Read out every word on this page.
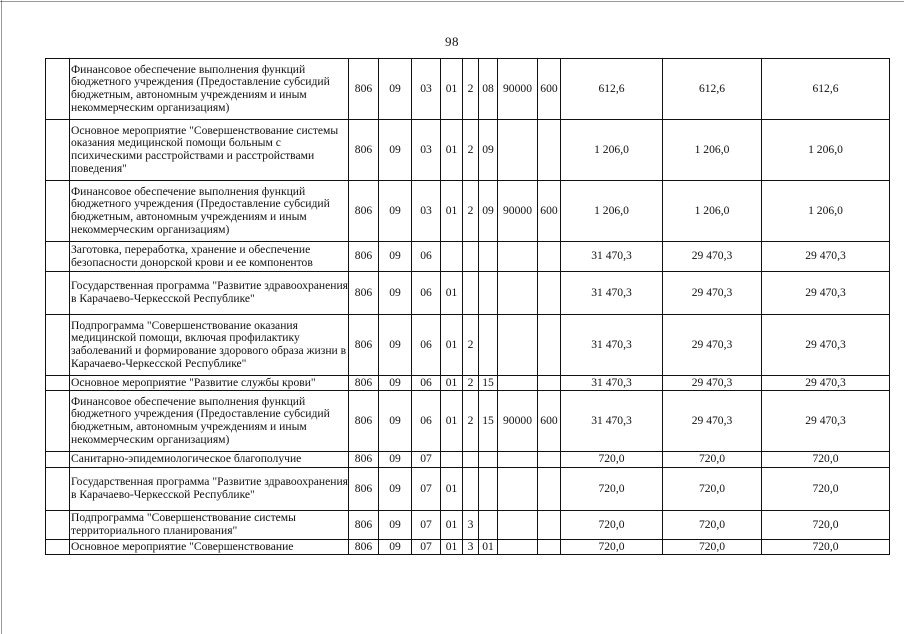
98
	Финансовое обеспечение выполнения функций бюджетного учреждения (Предоставление субсидий бюджетным, автономным учреждениям и иным некоммерческим организациям)	806	09	03	01	2	08	90000	600	612,6	612,6	612,6
	Основное мероприятие "Совершенствование системы оказания медицинской помощи больным с психическими расстройствами и расстройствами поведения"	806	09	03	01	2	09			1 206,0	1 206,0	1 206,0
	Финансовое обеспечение выполнения функций бюджетного учреждения (Предоставление субсидий бюджетным, автономным учреждениям и иным некоммерческим организациям)	806	09	03	01	2	09	90000	600	1 206,0	1 206,0	1 206,0
	Заготовка, переработка, хранение и обеспечение безопасности донорской крови и ее компонентов	806	09	06						31 470,3	29 470,3	29 470,3
	Государственная программа "Развитие здравоохранения в Карачаево-Черкесской Республике"	806	09	06	01					31 470,3	29 470,3	29 470,3
	Подпрограмма "Совершенствование оказания медицинской помощи, включая профилактику заболеваний и формирование здорового образа жизни в Карачаево-Черкесской Республике"	806	09	06	01	2				31 470,3	29 470,3	29 470,3
	Основное мероприятие "Развитие службы крови"	806	09	06	01	2	15			31 470,3	29 470,3	29 470,3
	Финансовое обеспечение выполнения функций бюджетного учреждения (Предоставление субсидий бюджетным, автономным учреждениям и иным некоммерческим организациям)	806	09	06	01	2	15	90000	600	31 470,3	29 470,3	29 470,3
	Санитарно-эпидемиологическое благополучие	806	09	07						720,0	720,0	720,0
	Государственная программа "Развитие здравоохранения в Карачаево-Черкесской Республике"	806	09	07	01					720,0	720,0	720,0
	Подпрограмма "Совершенствование системы территориального планирования"	806	09	07	01	3				720,0	720,0	720,0
	Основное мероприятие "Совершенствование	806	09	07	01	3	01			720,0	720,0	720,0
